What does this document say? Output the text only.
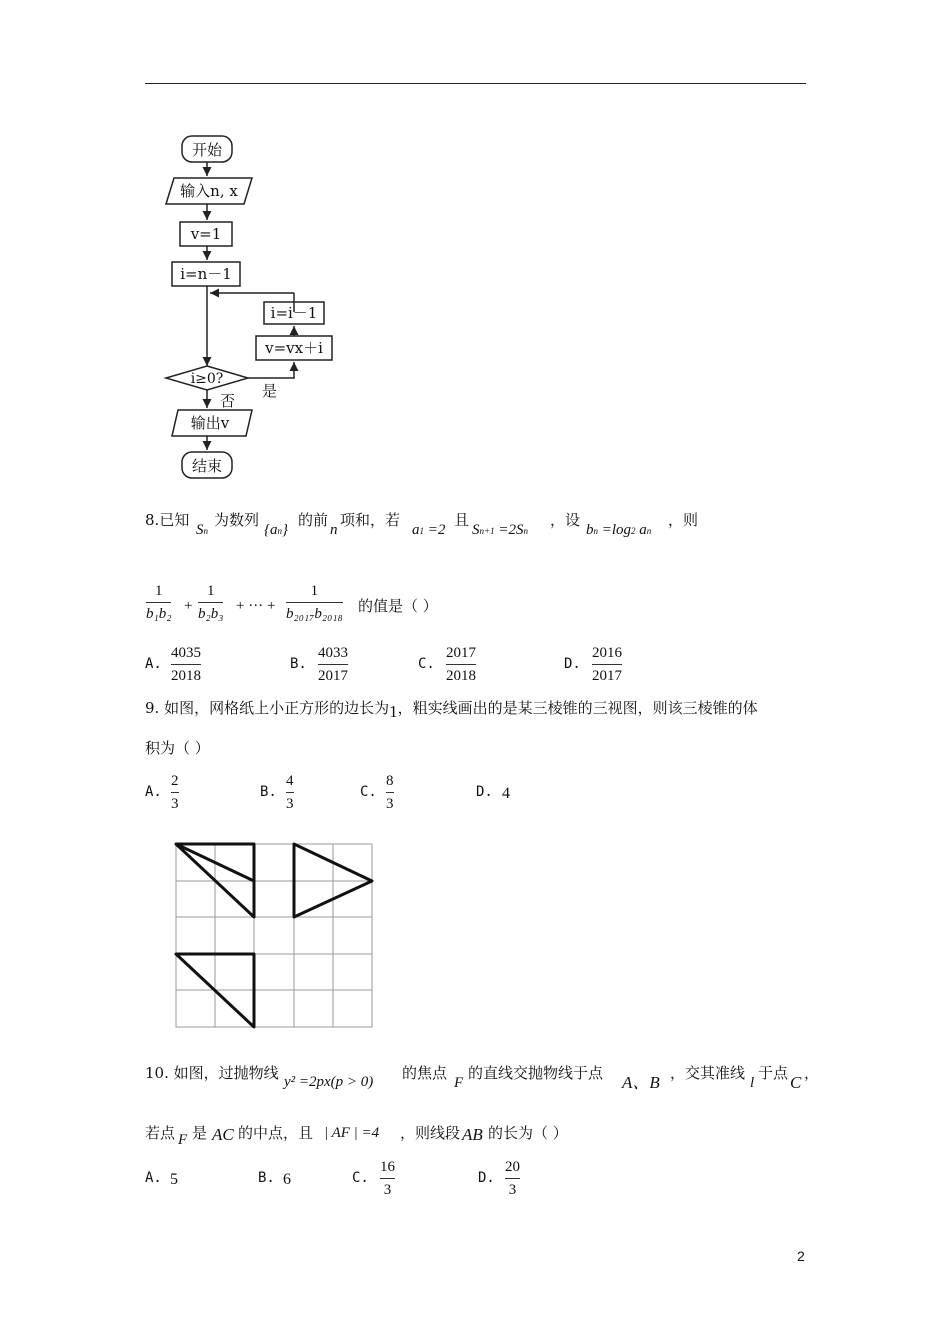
开始
输入n, x
v=1
i=n－1
i=i－1
v=vx＋i
i≥0?
是
否
输出v
结束
8.已知
Sn
为数列
{an}
的前
n
项和，若
a1 =2
且
Sn+1 =2Sn
，设
bn =log2 an
，则
1
b₁b₂ +
1
b₂b₃ + ··· +
1
b₂₀₁₇b₂₀₁₈ 的值是（ ）
A.
4035
2018
B.
4033
2017
C.
2017
2018
D.
2016
2017
9. 如图，网格纸上小正方形的边长为1，粗实线画出的是某三棱锥的三视图，则该三棱锥的体
积为（ ）
A.
2
3
B.
4
3
C.
8
3
D. 4
10. 如图，过抛物线 y² =2px(p > 0) 的焦点
F
的直线交抛物线于点 A、B ，交其准线
l
于点 C ，
若点 F 是 AC 的中点，且 | AF | =4 ，则线段 AB 的长为（ ）
A. 5	B. 6	C.
16
3
D.
20
3
2
